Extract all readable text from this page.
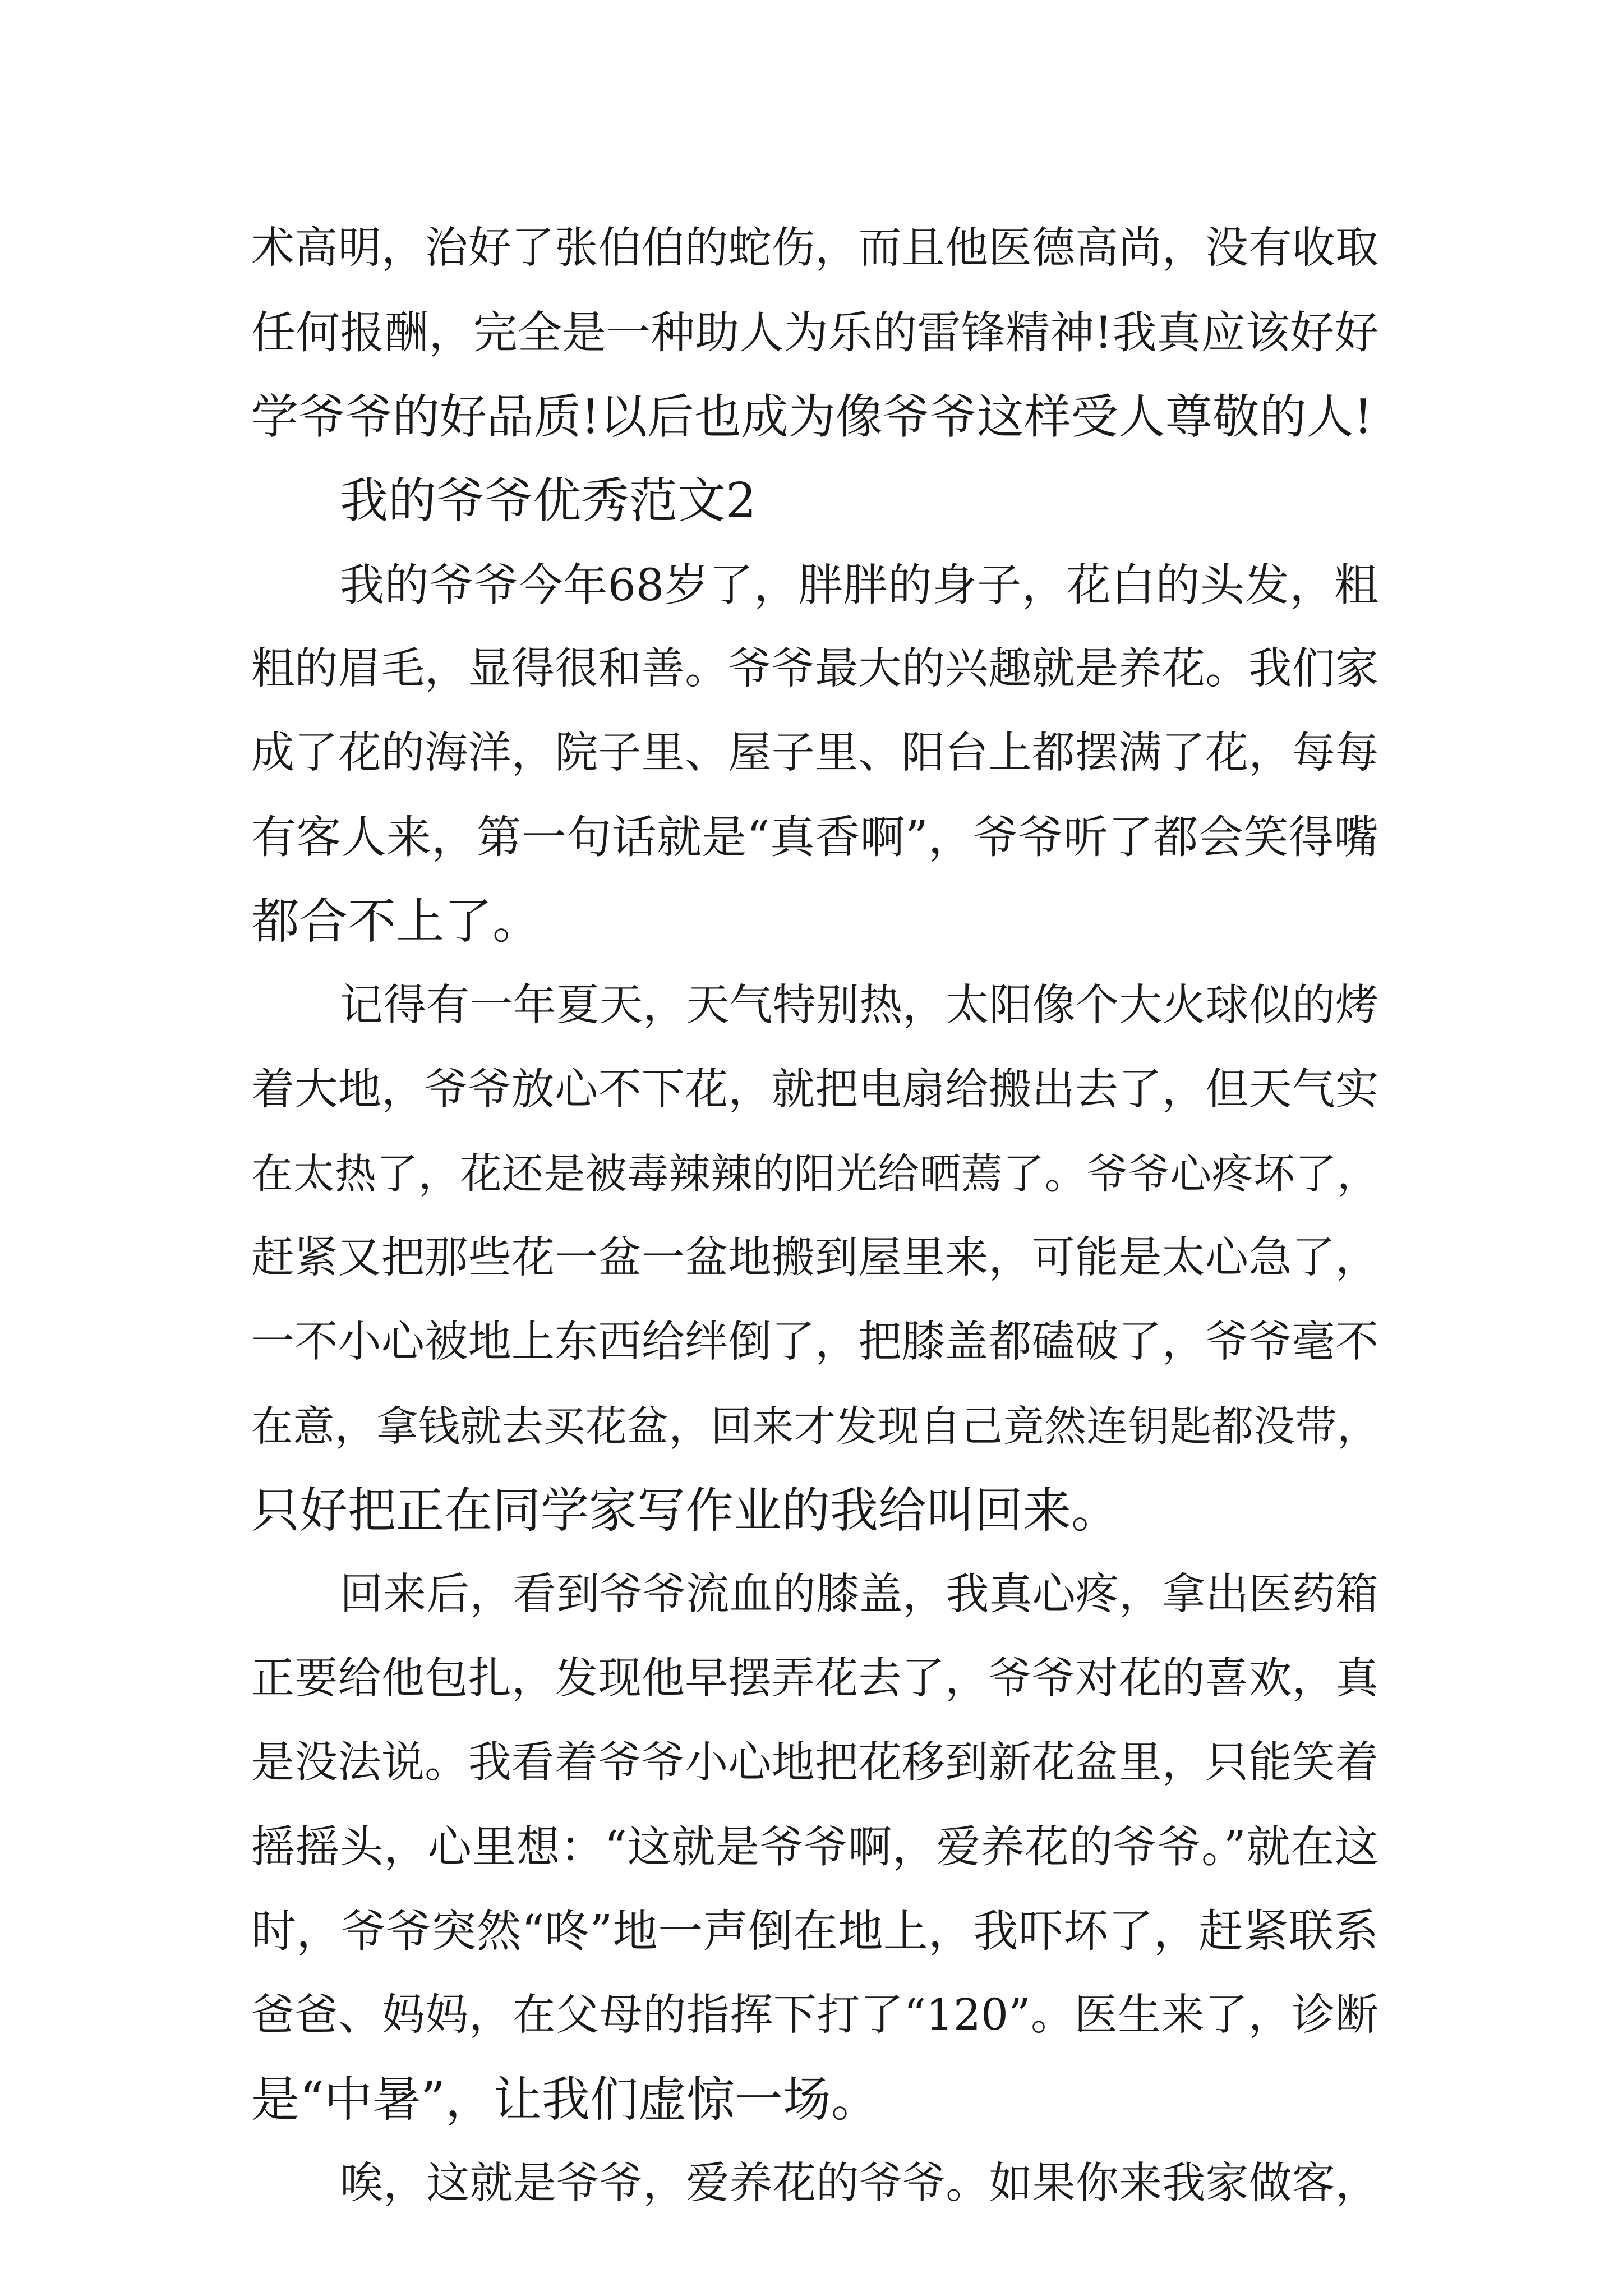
术高明，治好了张伯伯的蛇伤，而且他医德高尚，没有收取
任何报酬，完全是一种助人为乐的雷锋精神!我真应该好好
学爷爷的好品质!以后也成为像爷爷这样受人尊敬的人!
我的爷爷优秀范文2
我的爷爷今年68岁了，胖胖的身子，花白的头发，粗
粗的眉毛，显得很和善。爷爷最大的兴趣就是养花。我们家
成了花的海洋，院子里、屋子里、阳台上都摆满了花，每每
有客人来，第一句话就是“真香啊”，爷爷听了都会笑得嘴
都合不上了。
记得有一年夏天，天气特别热，太阳像个大火球似的烤
着大地，爷爷放心不下花，就把电扇给搬出去了，但天气实
在太热了，花还是被毒辣辣的阳光给晒蔫了。爷爷心疼坏了，
赶紧又把那些花一盆一盆地搬到屋里来，可能是太心急了，
一不小心被地上东西给绊倒了，把膝盖都磕破了，爷爷毫不
在意，拿钱就去买花盆，回来才发现自己竟然连钥匙都没带，
只好把正在同学家写作业的我给叫回来。
回来后，看到爷爷流血的膝盖，我真心疼，拿出医药箱
正要给他包扎，发现他早摆弄花去了，爷爷对花的喜欢，真
是没法说。我看着爷爷小心地把花移到新花盆里，只能笑着
摇摇头，心里想：“这就是爷爷啊，爱养花的爷爷。”就在这
时，爷爷突然“咚”地一声倒在地上，我吓坏了，赶紧联系
爸爸、妈妈，在父母的指挥下打了“120”。医生来了，诊断
是“中暑”，让我们虚惊一场。
唉，这就是爷爷，爱养花的爷爷。如果你来我家做客，
